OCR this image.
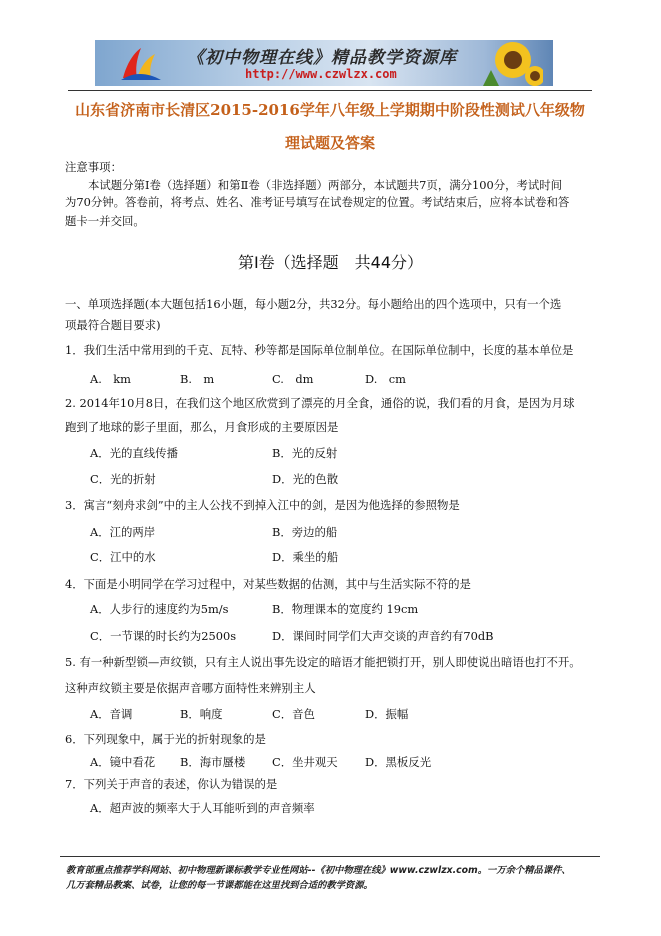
《初中物理在线》精品教学资源库
http://www.czwlzx.com
山东省济南市长清区2015-2016学年八年级上学期期中阶段性测试八年级物
理试题及答案
注意事项：
本试题分第Ⅰ卷（选择题）和第Ⅱ卷（非选择题）两部分，本试题共7页，满分100分，考试时间
为70分钟。答卷前，将考点、姓名、准考证号填写在试卷规定的位置。考试结束后，应将本试卷和答
题卡一并交回。
第Ⅰ卷（选择题　共44分）
一、单项选择题(本大题包括16小题，每小题2分，共32分。每小题给出的四个选项中，只有一个选
项最符合题目要求)
1．我们生活中常用到的千克、瓦特、秒等都是国际单位制单位。在国际单位制中，长度的基本单位是
A.　km	B.　m	C.　dm	D.　cm
2. 2014年10月8日，在我们这个地区欣赏到了漂亮的月全食，通俗的说，我们看的月食，是因为月球
跑到了地球的影子里面，那么，月食形成的主要原因是
A．光的直线传播	B．光的反射
C．光的折射	D．光的色散
3．寓言“刻舟求剑”中的主人公找不到掉入江中的剑，是因为他选择的参照物是
A．江的两岸	B．旁边的船
C．江中的水	D．乘坐的船
4．下面是小明同学在学习过程中，对某些数据的估测，其中与生活实际不符的是
A．人步行的速度约为5m/s	B．物理课本的宽度约 19cm
C．一节课的时长约为2500s	D．课间时同学们大声交谈的声音约有70dB
5. 有一种新型锁—声纹锁，只有主人说出事先设定的暗语才能把锁打开，别人即使说出暗语也打不开。
这种声纹锁主要是依据声音哪方面特性来辨别主人
A．音调	B．响度	C．音色	D．振幅
6．下列现象中，属于光的折射现象的是
A．镜中看花 B．海市蜃楼 C．坐井观天 D．黑板反光
7．下列关于声音的表述，你认为错误的是
A．超声波的频率大于人耳能听到的声音频率
教育部重点推荐学科网站、初中物理新课标教学专业性网站--《初中物理在线》www.czwlzx.com。一万余个精品课件、
几万套精品教案、试卷，让您的每一节课都能在这里找到合适的教学资源。
